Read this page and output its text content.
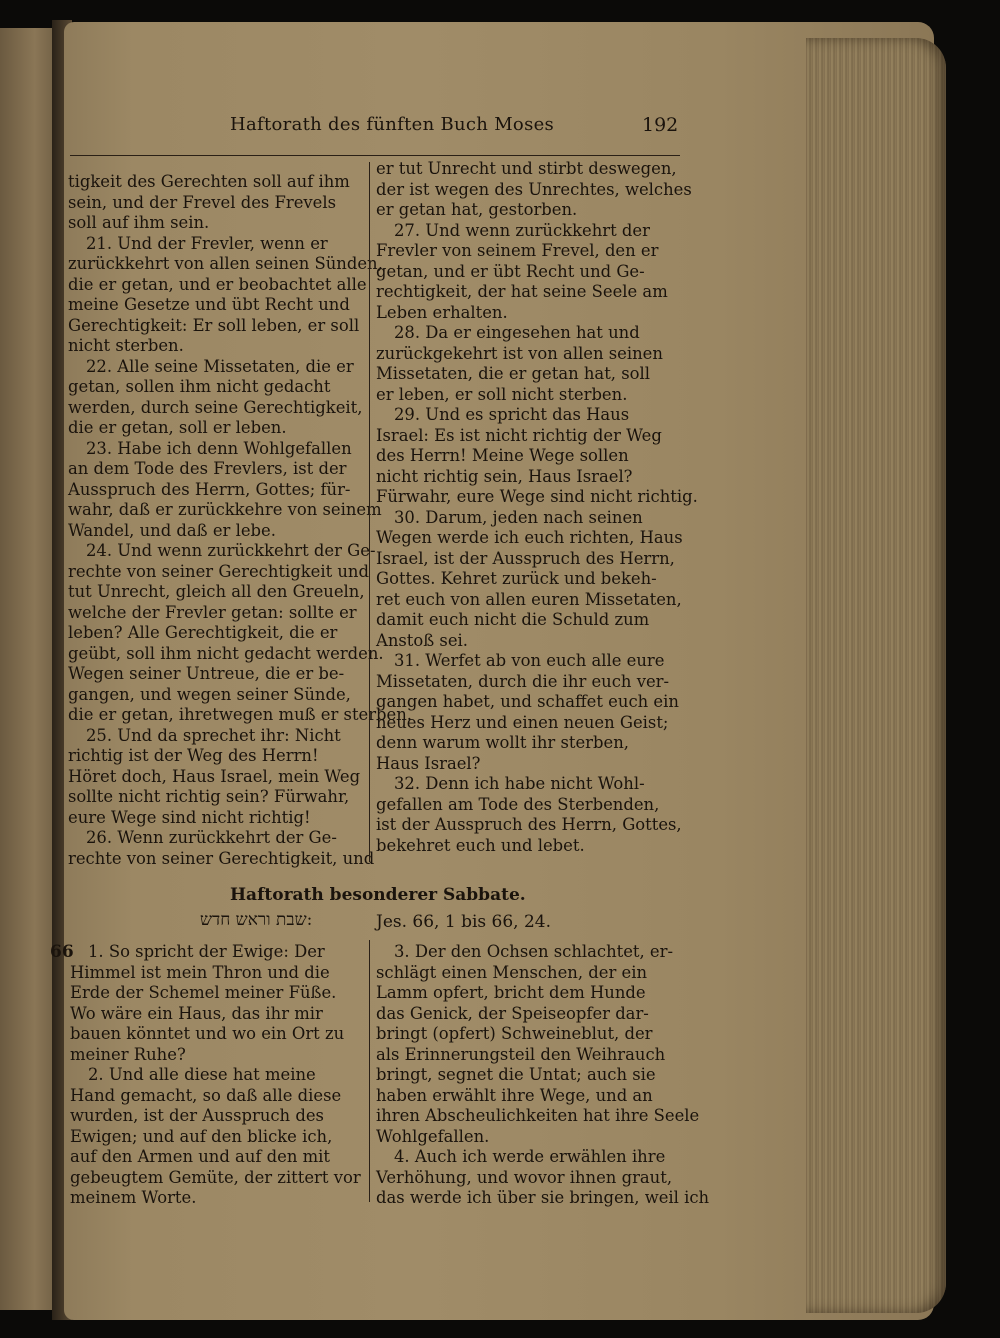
Haftorath des fünften Buch Moses	192
tigkeit des Gerechten soll auf ihm
sein, und der Frevel des Frevels
soll auf ihm sein.
21. Und der Frevler, wenn er
zurückkehrt von allen seinen Sünden,
die er getan, und er beobachtet alle
meine Gesetze und übt Recht und
Gerechtigkeit: Er soll leben, er soll
nicht sterben.
22. Alle seine Missetaten, die er
getan, sollen ihm nicht gedacht
werden, durch seine Gerechtigkeit,
die er getan, soll er leben.
23. Habe ich denn Wohlgefallen
an dem Tode des Frevlers, ist der
Ausspruch des Herrn, Gottes; für-
wahr, daß er zurückkehre von seinem
Wandel, und daß er lebe.
24. Und wenn zurückkehrt der Ge-
rechte von seiner Gerechtigkeit und
tut Unrecht, gleich all den Greueln,
welche der Frevler getan: sollte er
leben? Alle Gerechtigkeit, die er
geübt, soll ihm nicht gedacht werden.
Wegen seiner Untreue, die er be-
gangen, und wegen seiner Sünde,
die er getan, ihretwegen muß er sterben.
25. Und da sprechet ihr: Nicht
richtig ist der Weg des Herrn!
Höret doch, Haus Israel, mein Weg
sollte nicht richtig sein? Fürwahr,
eure Wege sind nicht richtig!
26. Wenn zurückkehrt der Ge-
rechte von seiner Gerechtigkeit, und
er tut Unrecht und stirbt deswegen,
der ist wegen des Unrechtes, welches
er getan hat, gestorben.
27. Und wenn zurückkehrt der
Frevler von seinem Frevel, den er
getan, und er übt Recht und Ge-
rechtigkeit, der hat seine Seele am
Leben erhalten.
28. Da er eingesehen hat und
zurückgekehrt ist von allen seinen
Missetaten, die er getan hat, soll
er leben, er soll nicht sterben.
29. Und es spricht das Haus
Israel: Es ist nicht richtig der Weg
des Herrn! Meine Wege sollen
nicht richtig sein, Haus Israel?
Fürwahr, eure Wege sind nicht richtig.
30. Darum, jeden nach seinen
Wegen werde ich euch richten, Haus
Israel, ist der Ausspruch des Herrn,
Gottes. Kehret zurück und bekeh-
ret euch von allen euren Missetaten,
damit euch nicht die Schuld zum
Anstoß sei.
31. Werfet ab von euch alle eure
Missetaten, durch die ihr euch ver-
gangen habet, und schaffet euch ein
neues Herz und einen neuen Geist;
denn warum wollt ihr sterben,
Haus Israel?
32. Denn ich habe nicht Wohl-
gefallen am Tode des Sterbenden,
ist der Ausspruch des Herrn, Gottes,
bekehret euch und lebet.
Haftorath besonderer Sabbate.
:שבת וראש חדש	Jes. 66, 1 bis 66, 24.
66 1. So spricht der Ewige: Der
Himmel ist mein Thron und die
Erde der Schemel meiner Füße.
Wo wäre ein Haus, das ihr mir
bauen könntet und wo ein Ort zu
meiner Ruhe?
2. Und alle diese hat meine
Hand gemacht, so daß alle diese
wurden, ist der Ausspruch des
Ewigen; und auf den blicke ich,
auf den Armen und auf den mit
gebeugtem Gemüte, der zittert vor
meinem Worte.
3. Der den Ochsen schlachtet, er-
schlägt einen Menschen, der ein
Lamm opfert, bricht dem Hunde
das Genick, der Speiseopfer dar-
bringt (opfert) Schweineblut, der
als Erinnerungsteil den Weihrauch
bringt, segnet die Untat; auch sie
haben erwählt ihre Wege, und an
ihren Abscheulichkeiten hat ihre Seele
Wohlgefallen.
4. Auch ich werde erwählen ihre
Verhöhung, und wovor ihnen graut,
das werde ich über sie bringen, weil ich
